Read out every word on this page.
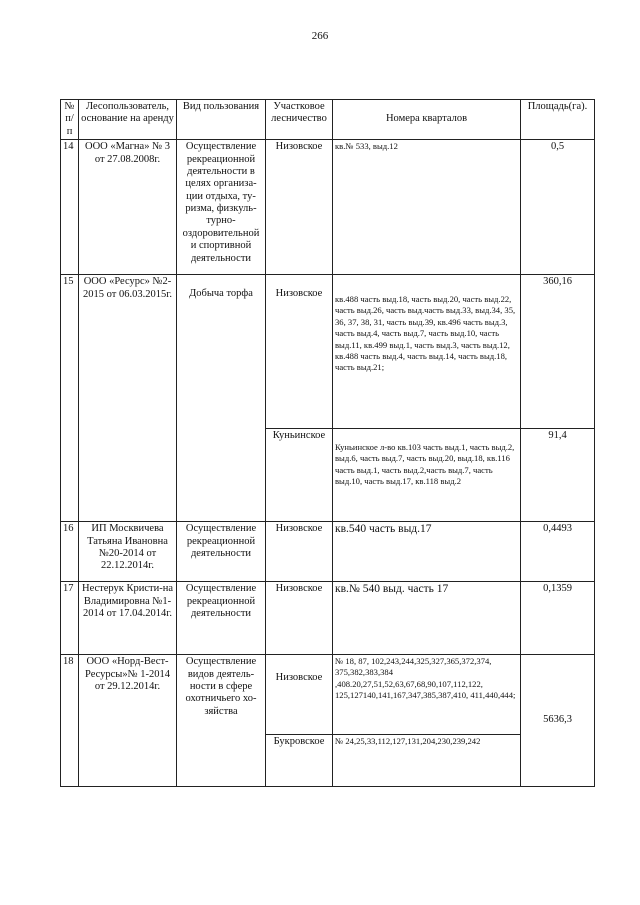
266
№ п/п	Лесопользователь, основание на аренду	Вид пользования	Участковое лесничество	Номера кварталов	Площадь(га).
14	ООО «Магна» № 3 от 27.08.2008г.	Осуществление рекреационной деятельности в целях организа-ции отдыха, ту-ризма, физкуль-турно-оздоровительной и спортивной деятельности	Низовское	кв.№ 533, выд.12	0,5
15	ООО «Ресурс» №2-2015 от 06.03.2015г.	Добыча торфа	Низовское	кв.488 часть выд.18, часть выд.20, часть выд.22, часть выд.26, часть выд.часть выд.33, выд.34, 35, 36, 37, 38, 31, часть выд.39, кв.496 часть выд.3, часть выд.4, часть выд.7, часть выд.10, часть выд.11, кв.499 выд.1, часть выд.3, часть выд.12, кв.488 часть выд.4, часть выд.14, часть выд.18, часть выд.21;	360,16
			Куньинское	Куньинское л-во кв.103 часть выд.1, часть выд.2, выд.6, часть выд.7, часть выд.20, выд.18, кв.116 часть выд.1, часть выд.2,часть выд.7, часть выд.10, часть выд.17, кв.118 выд.2	91,4
16	ИП Москвичева Татьяна Ивановна №20-2014 от 22.12.2014г.	Осуществление рекреационной деятельности	Низовское	кв.540 часть выд.17	0,4493
17	Нестерук Кристи-на Владимировна №1-2014 от 17.04.2014г.	Осуществление рекреационной деятельности	Низовское	кв.№ 540 выд. часть 17	0,1359
18	ООО «Норд-Вест-Ресурсы»№ 1-2014 от 29.12.2014г.	Осуществление видов деятель-ности в сфере охотничьего хо-зяйства	Низовское	№ 18, 87, 102,243,244,325,327,365,372,374, 375,382,383,384 ,408.20,27,51,52,63,67,68,90,107,112,122, 125,127140,141,167,347,385,387,410, 411,440,444;	5636,3
			Букровское	№ 24,25,33,112,127,131,204,230,239,242	
